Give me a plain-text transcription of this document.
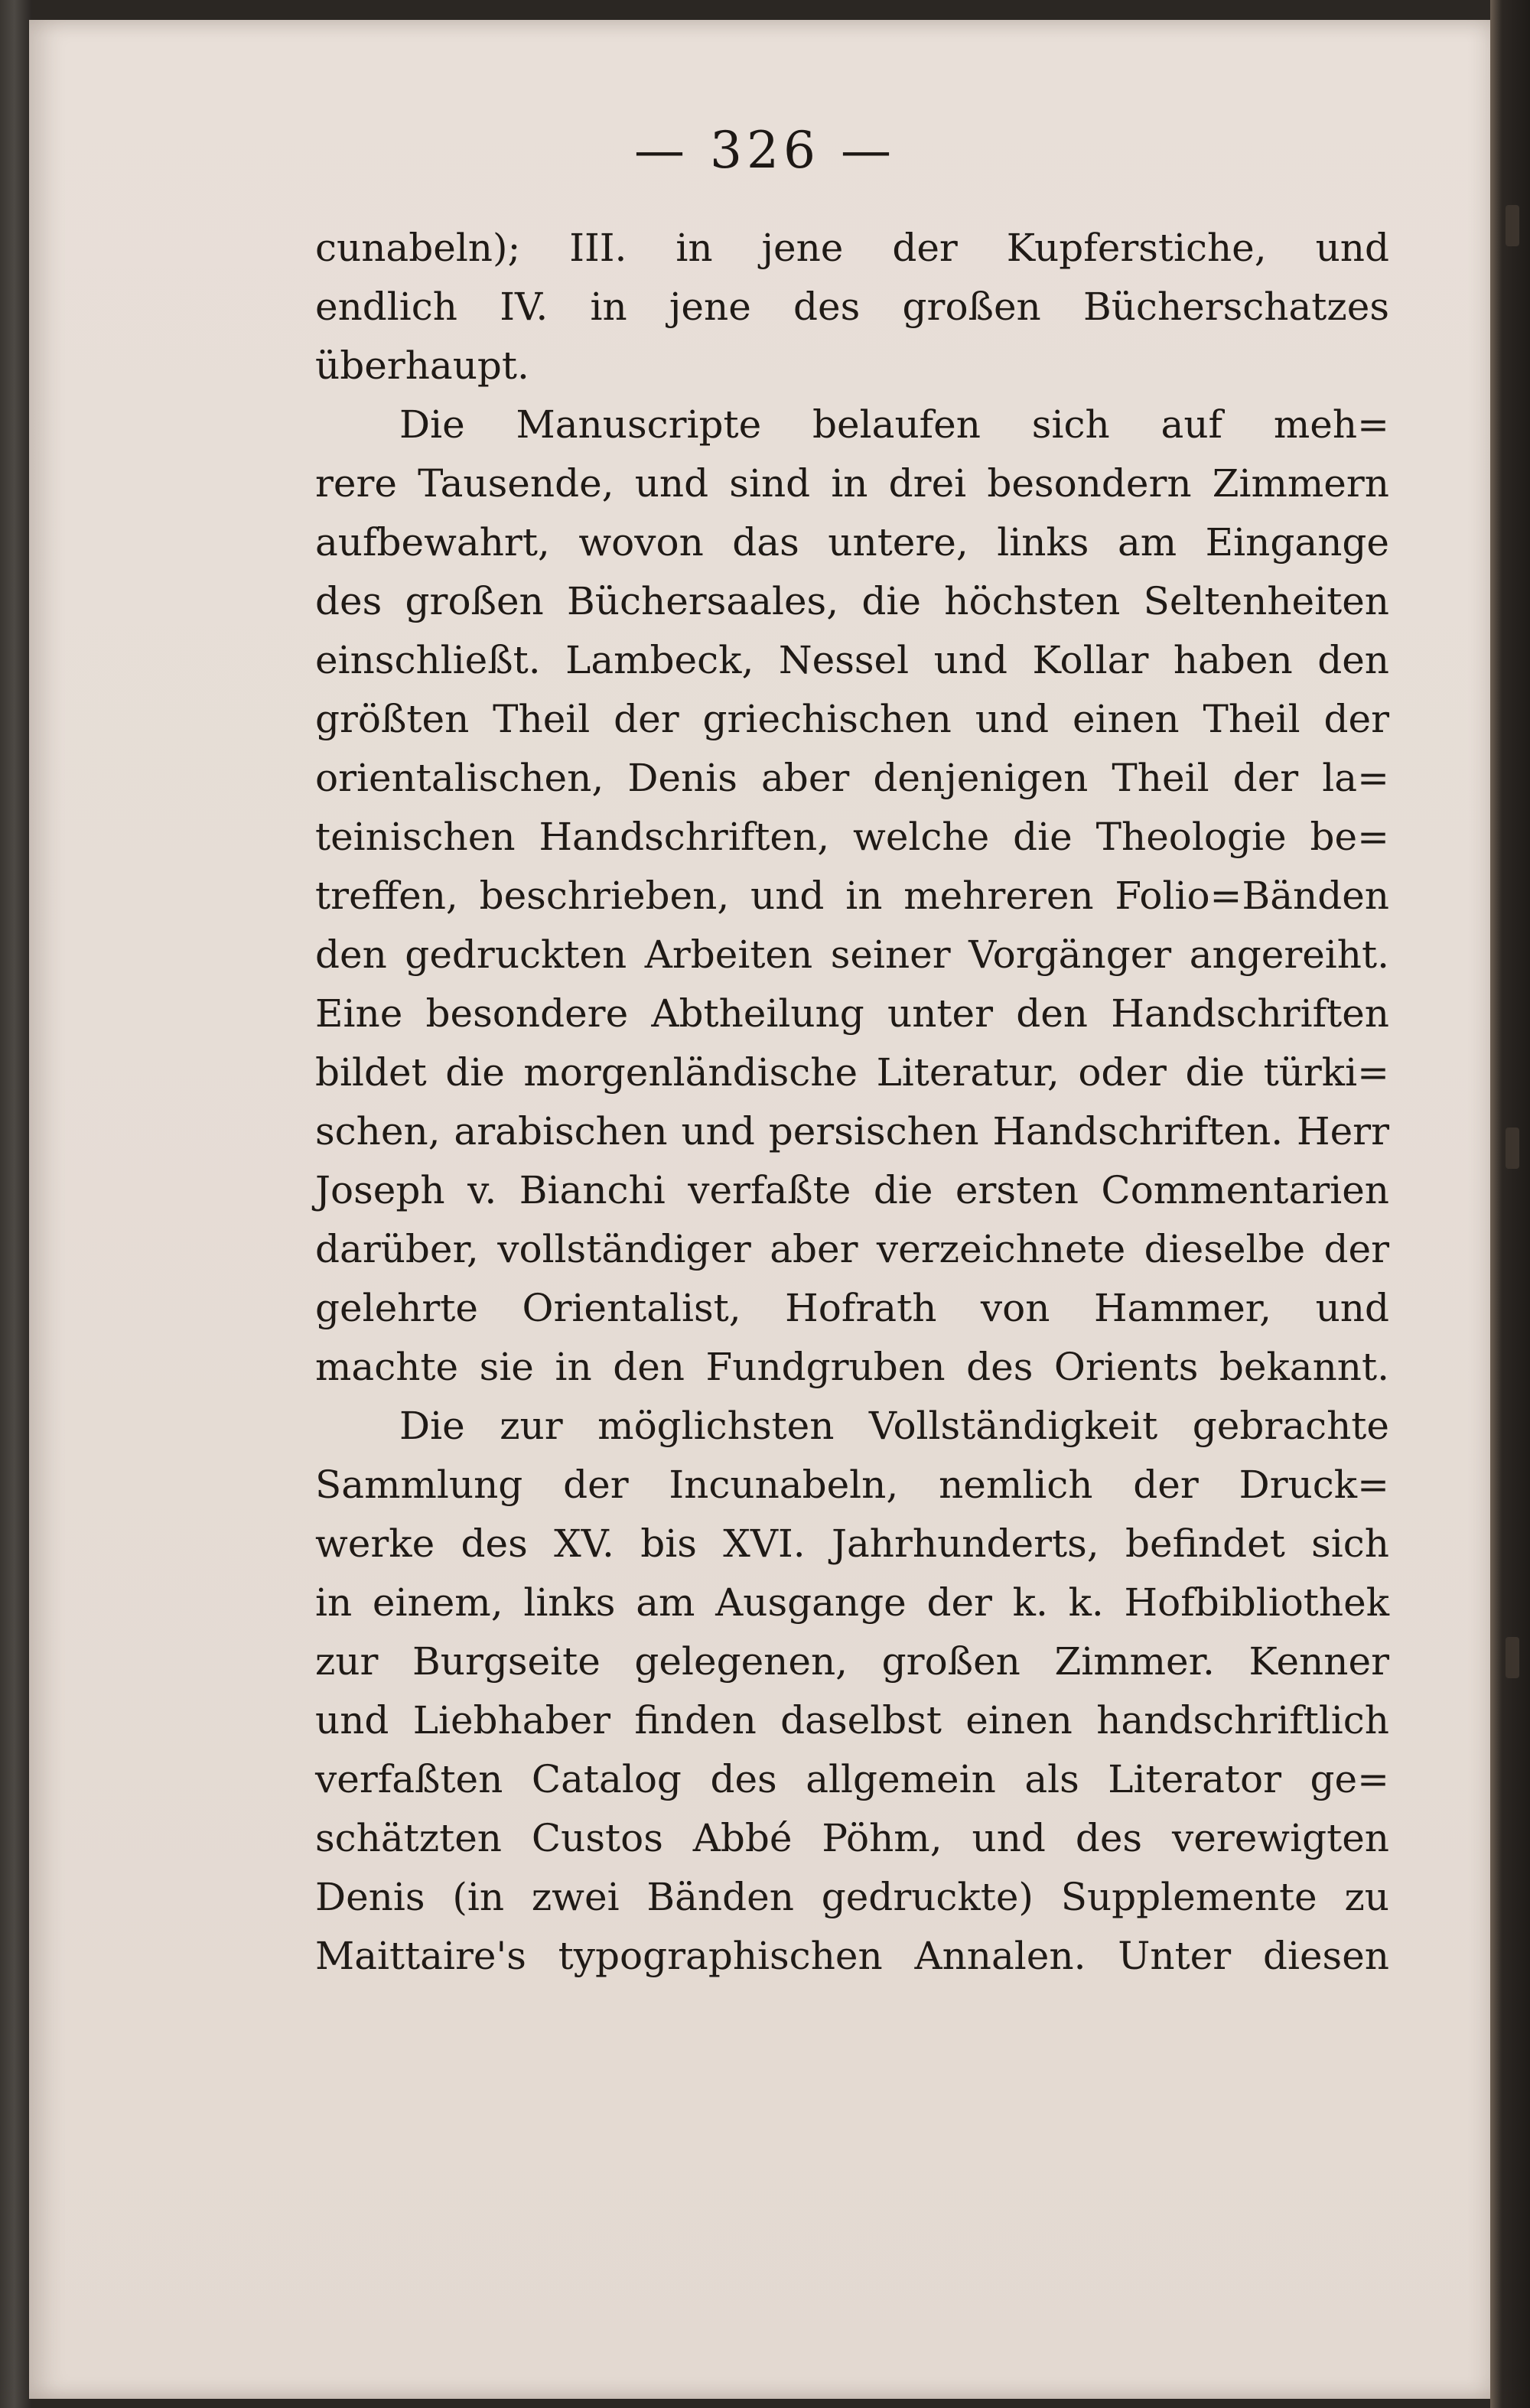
— 326 —
cunabeln); III. in jene der Kupferstiche, und
endlich IV. in jene des großen Bücherschatzes
überhaupt.
Die Manuscripte belaufen sich auf meh=
rere Tausende, und sind in drei besondern Zimmern
aufbewahrt, wovon das untere, links am Eingange
des großen Büchersaales, die höchsten Seltenheiten
einschließt. Lambeck, Nessel und Kollar haben den
größten Theil der griechischen und einen Theil der
orientalischen, Denis aber denjenigen Theil der la=
teinischen Handschriften, welche die Theologie be=
treffen, beschrieben, und in mehreren Folio=Bänden
den gedruckten Arbeiten seiner Vorgänger angereiht.
Eine besondere Abtheilung unter den Handschriften
bildet die morgenländische Literatur, oder die türki=
schen, arabischen und persischen Handschriften. Herr
Joseph v. Bianchi verfaßte die ersten Commentarien
darüber, vollständiger aber verzeichnete dieselbe der
gelehrte Orientalist, Hofrath von Hammer, und
machte sie in den Fundgruben des Orients bekannt.
Die zur möglichsten Vollständigkeit gebrachte
Sammlung der Incunabeln, nemlich der Druck=
werke des XV. bis XVI. Jahrhunderts, befindet sich
in einem, links am Ausgange der k. k. Hofbibliothek
zur Burgseite gelegenen, großen Zimmer. Kenner
und Liebhaber finden daselbst einen handschriftlich
verfaßten Catalog des allgemein als Literator ge=
schätzten Custos Abbé Pöhm, und des verewigten
Denis (in zwei Bänden gedruckte) Supplemente zu
Maittaire's typographischen Annalen. Unter diesen
